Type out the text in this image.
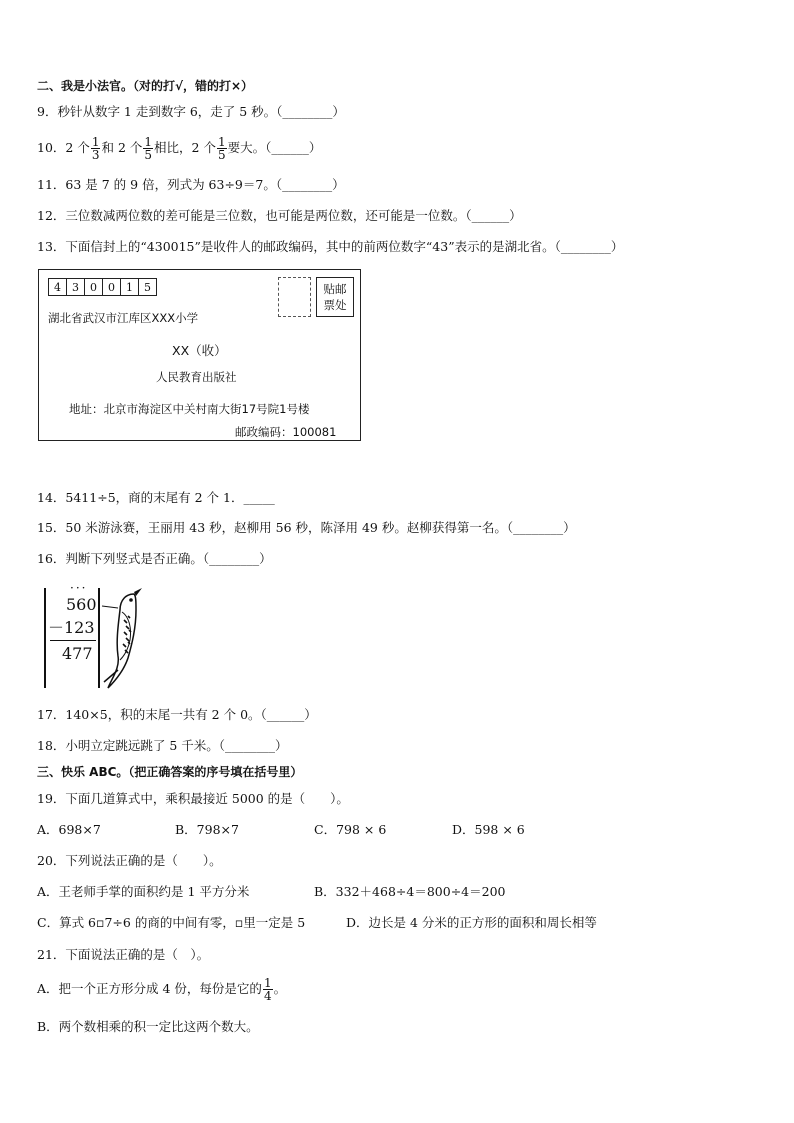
二、我是小法官。（对的打√，错的打×）
9．秒针从数字 1 走到数字 6，走了 5 秒。（________）
10．2 个 $\frac{1}{3}$ 和 2 个 $\frac{1}{5}$ 相比，2 个 $\frac{1}{5}$ 要大。（______）
11．63 是 7 的 9 倍，列式为 63÷9＝7。（________）
12．三位数减两位数的差可能是三位数，也可能是两位数，还可能是一位数。（______）
13．下面信封上的“430015”是收件人的邮政编码，其中的前两位数字“43”表示的是湖北省。（________）
4	3	0	0	1	5	贴邮
票处
湖北省武汉市江库区XXX小学
XX（收）
人民教育出版社
地址：北京市海淀区中关村南大街17号院1号楼
邮政编码：100081
14．5411÷5，商的末尾有 2 个 1．_____
15．50 米游泳赛，王丽用 43 秒，赵柳用 56 秒，陈泽用 49 秒。赵柳获得第一名。（________）
16．判断下列竖式是否正确。（________）
···
560
－123
477
17．140×5，积的末尾一共有 2 个 0。（______）
18．小明立定跳远跳了 5 千米。（________）
三、快乐 ABC。（把正确答案的序号填在括号里）
19．下面几道算式中，乘积最接近 5000 的是（　　）。
A．698×7	B．798×7	C．798 × 6	D．598 × 6
20．下列说法正确的是（　　）。
A．王老师手掌的面积约是 1 平方分米	B．332＋468÷4＝800÷4＝200
C．算式 6▫7÷6 的商的中间有零，▫里一定是 5	D．边长是 4 分米的正方形的面积和周长相等
21．下面说法正确的是（　）。
A．把一个正方形分成 4 份，每份是它的 $\frac{1}{4}$ 。
B．两个数相乘的积一定比这两个数大。
